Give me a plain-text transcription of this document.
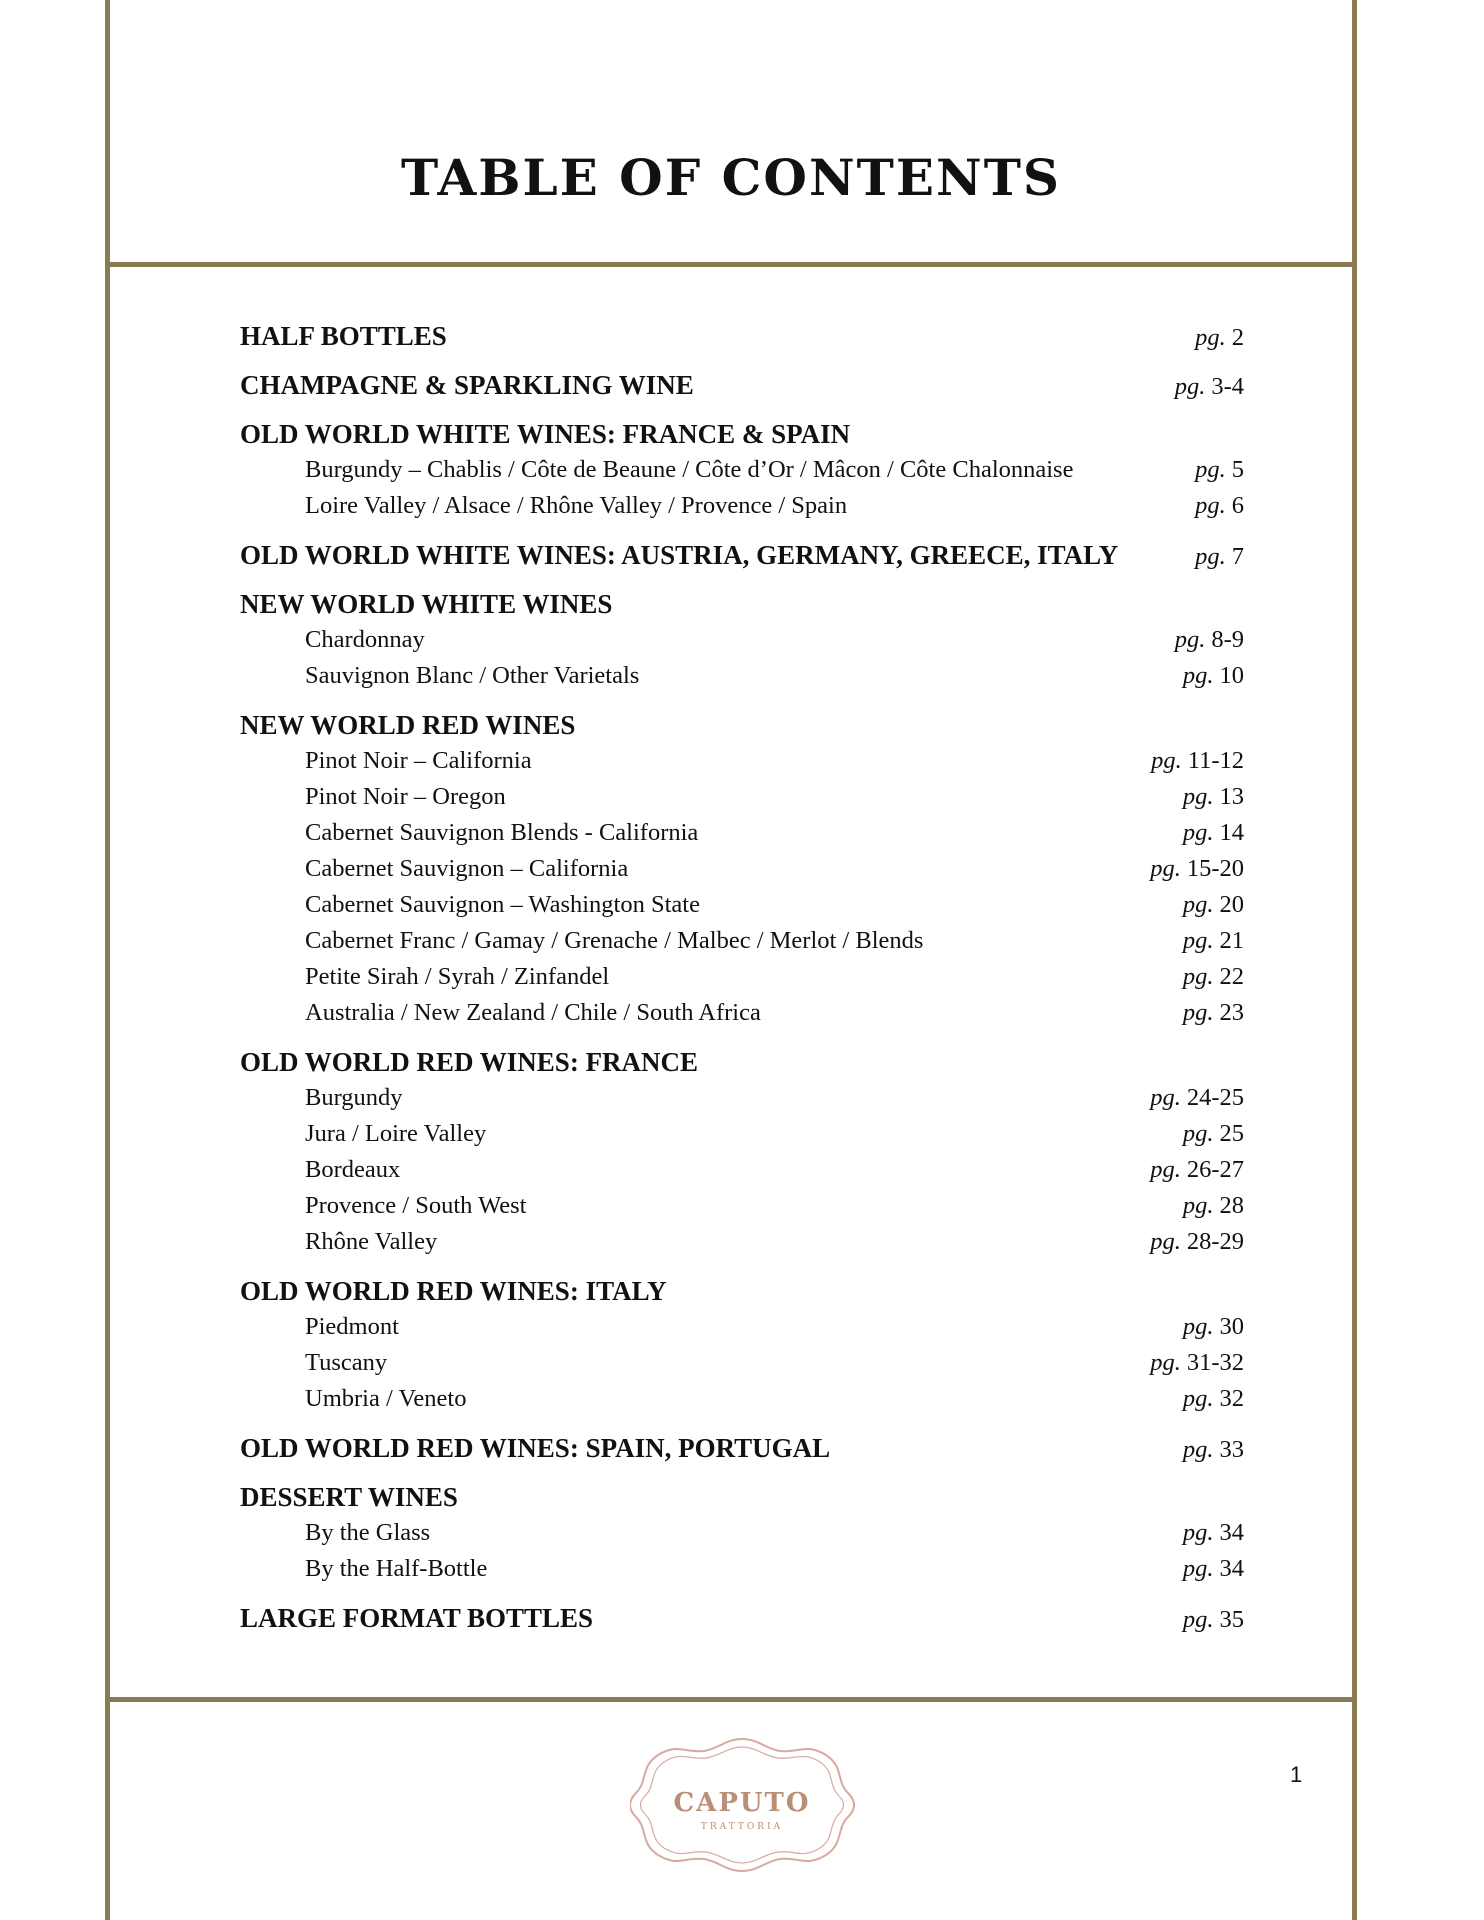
TABLE OF CONTENTS
HALF BOTTLES	pg. 2
CHAMPAGNE & SPARKLING WINE	pg. 3-4
OLD WORLD WHITE WINES: FRANCE & SPAIN
Burgundy – Chablis / Côte de Beaune / Côte d’Or / Mâcon / Côte Chalonnaise	pg. 5
Loire Valley / Alsace / Rhône Valley / Provence / Spain	pg. 6
OLD WORLD WHITE WINES: AUSTRIA, GERMANY, GREECE, ITALY	pg. 7
NEW WORLD WHITE WINES
Chardonnay	pg. 8-9
Sauvignon Blanc / Other Varietals	pg. 10
NEW WORLD RED WINES
Pinot Noir – California	pg. 11-12
Pinot Noir – Oregon	pg. 13
Cabernet Sauvignon Blends - California	pg. 14
Cabernet Sauvignon – California	pg. 15-20
Cabernet Sauvignon – Washington State	pg. 20
Cabernet Franc / Gamay / Grenache / Malbec / Merlot / Blends	pg. 21
Petite Sirah / Syrah / Zinfandel	pg. 22
Australia / New Zealand / Chile / South Africa	pg. 23
OLD WORLD RED WINES: FRANCE
Burgundy	pg. 24-25
Jura / Loire Valley	pg. 25
Bordeaux	pg. 26-27
Provence / South West	pg. 28
Rhône Valley	pg. 28-29
OLD WORLD RED WINES: ITALY
Piedmont	pg. 30
Tuscany	pg. 31-32
Umbria / Veneto	pg. 32
OLD WORLD RED WINES: SPAIN, PORTUGAL	pg. 33
DESSERT WINES
By the Glass	pg. 34
By the Half-Bottle	pg. 34
LARGE FORMAT BOTTLES	pg. 35
CAPUTO
TRATTORIA
1
